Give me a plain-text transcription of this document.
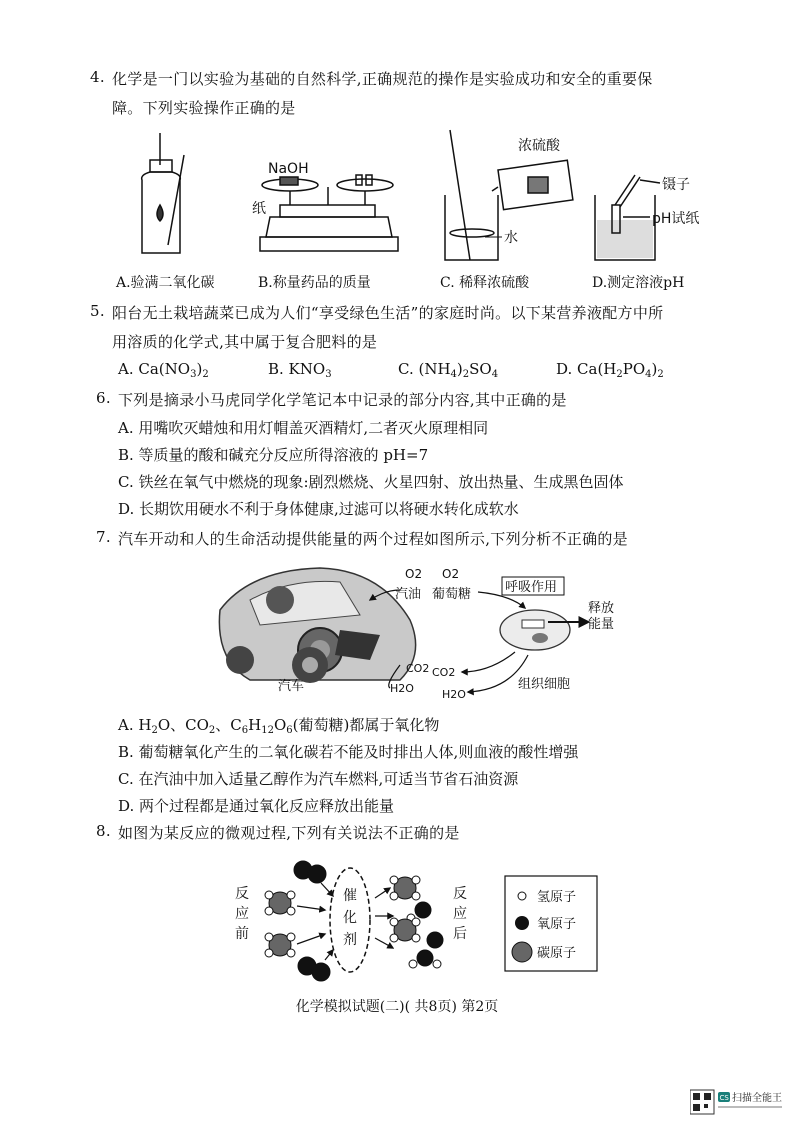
4. 化学是一门以实验为基础的自然科学,正确规范的操作是实验成功和安全的重要保
障。下列实验操作正确的是
NaOH
纸
浓硫酸
水
镊子
pH试纸
A.验满二氧化碳	B.称量药品的质量	C. 稀释浓硫酸	D.测定溶液pH
5. 阳台无土栽培蔬菜已成为人们“享受绿色生活”的家庭时尚。以下某营养液配方中所
用溶质的化学式,其中属于复合肥料的是
A. $Ca(NO_3)_2$	B. $KNO_3$	C. $(NH_4)_2SO_4$	D. $Ca(H_2PO_4)_2$
6. 下列是摘录小马虎同学化学笔记本中记录的部分内容,其中正确的是
A. 用嘴吹灭蜡烛和用灯帽盖灭酒精灯,二者灭火原理相同
B. 等质量的酸和碱充分反应所得溶液的 pH=7
C. 铁丝在氧气中燃烧的现象:剧烈燃烧、火星四射、放出热量、生成黑色固体
D. 长期饮用硬水不利于身体健康,过滤可以将硬水转化成软水
7. 汽车开动和人的生命活动提供能量的两个过程如图所示,下列分析不正确的是
O2 O2
汽油 葡萄糖	呼吸作用
释放
能量
CO2 CO2
H2O	H2O
汽车	组织细胞
A. $H_2O$、$CO_2$、$C_6H_{12}O_6$(葡萄糖)都属于氧化物
B. 葡萄糖氧化产生的二氧化碳若不能及时排出人体,则血液的酸性增强
C. 在汽油中加入适量乙醇作为汽车燃料,可适当节省石油资源
D. 两个过程都是通过氧化反应释放出能量
8. 如图为某反应的微观过程,下列有关说法不正确的是
反
应
前
催
化
剂
反
应
后
氢原子
氧原子
碳原子
化学模拟试题(二)( 共8页) 第2页
CS 扫描全能王
